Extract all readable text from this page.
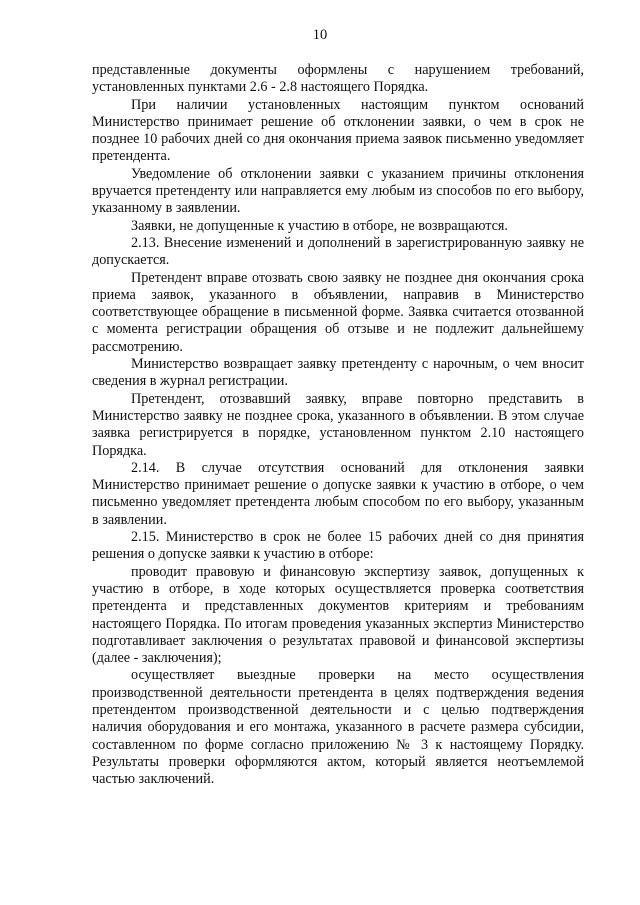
10

представленные документы оформлены с нарушением требований, установленных пунктами 2.6 - 2.8 настоящего Порядка.

При наличии установленных настоящим пунктом оснований Министерство принимает решение об отклонении заявки, о чем в срок не позднее 10 рабочих дней со дня окончания приема заявок письменно уведомляет претендента.

Уведомление об отклонении заявки с указанием причины отклонения вручается претенденту или направляется ему любым из способов по его выбору, указанному в заявлении.

Заявки, не допущенные к участию в отборе, не возвращаются.

2.13. Внесение изменений и дополнений в зарегистрированную заявку не допускается.

Претендент вправе отозвать свою заявку не позднее дня окончания срока приема заявок, указанного в объявлении, направив в Министерство соответствующее обращение в письменной форме. Заявка считается отозванной с момента регистрации обращения об отзыве и не подлежит дальнейшему рассмотрению.

Министерство возвращает заявку претенденту с нарочным, о чем вносит сведения в журнал регистрации.

Претендент, отозвавший заявку, вправе повторно представить в Министерство заявку не позднее срока, указанного в объявлении. В этом случае заявка регистрируется в порядке, установленном пунктом 2.10 настоящего Порядка.

2.14. В случае отсутствия оснований для отклонения заявки Министерство принимает решение о допуске заявки к участию в отборе, о чем письменно уведомляет претендента любым способом по его выбору, указанным в заявлении.

2.15. Министерство в срок не более 15 рабочих дней со дня принятия решения о допуске заявки к участию в отборе:

проводит правовую и финансовую экспертизу заявок, допущенных к участию в отборе, в ходе которых осуществляется проверка соответствия претендента и представленных документов критериям и требованиям настоящего Порядка. По итогам проведения указанных экспертиз Министерство подготавливает заключения о результатах правовой и финансовой экспертизы (далее - заключения);

осуществляет выездные проверки на место осуществления производственной деятельности претендента в целях подтверждения ведения претендентом производственной деятельности и с целью подтверждения наличия оборудования и его монтажа, указанного в расчете размера субсидии, составленном по форме согласно приложению № 3 к настоящему Порядку. Результаты проверки оформляются актом, который является неотъемлемой частью заключений.
